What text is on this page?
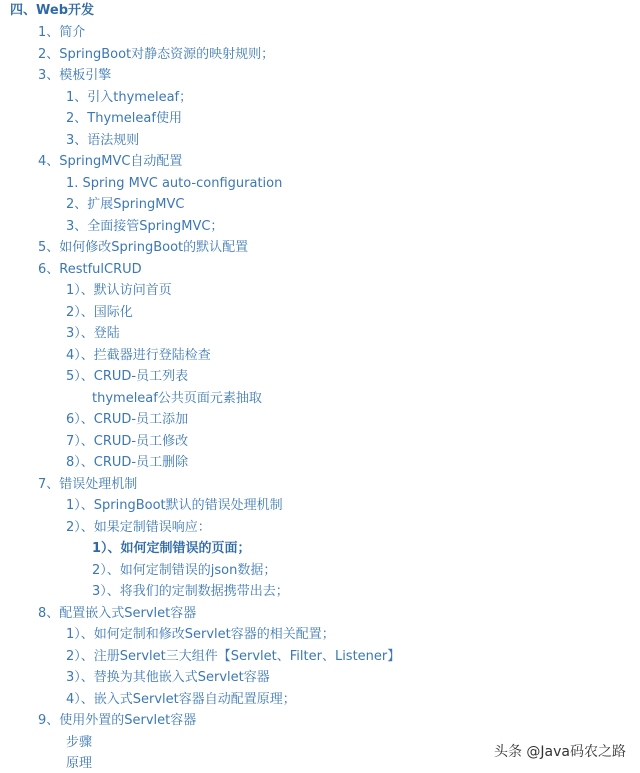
四、Web开发
1、简介
2、SpringBoot对静态资源的映射规则；
3、模板引擎
1、引入thymeleaf；
2、Thymeleaf使用
3、语法规则
4、SpringMVC自动配置
1. Spring MVC auto-configuration
2、扩展SpringMVC
3、全面接管SpringMVC；
5、如何修改SpringBoot的默认配置
6、RestfulCRUD
1）、默认访问首页
2）、国际化
3）、登陆
4）、拦截器进行登陆检查
5）、CRUD-员工列表
thymeleaf公共页面元素抽取
6）、CRUD-员工添加
7）、CRUD-员工修改
8）、CRUD-员工删除
7、错误处理机制
1）、SpringBoot默认的错误处理机制
2）、如果定制错误响应：
1）、如何定制错误的页面；
2）、如何定制错误的json数据；
3）、将我们的定制数据携带出去；
8、配置嵌入式Servlet容器
1）、如何定制和修改Servlet容器的相关配置；
2）、注册Servlet三大组件【Servlet、Filter、Listener】
3）、替换为其他嵌入式Servlet容器
4）、嵌入式Servlet容器自动配置原理；
9、使用外置的Servlet容器
步骤
原理
头条 @Java码农之路
